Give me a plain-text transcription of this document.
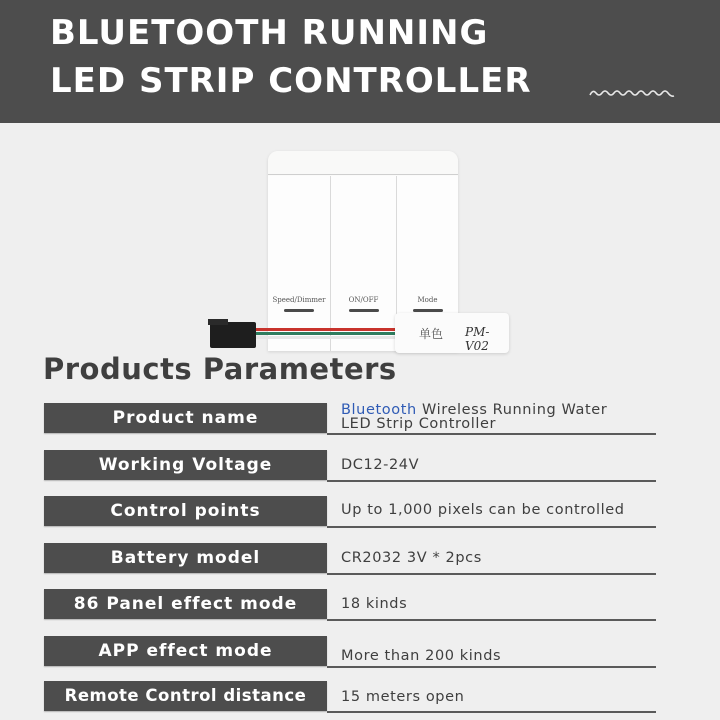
BLUETOOTH RUNNING
LED STRIP CONTROLLER
Speed/Dimmer	ON/OFF	Mode
单色 PM-V02
Products Parameters
Product name	Bluetooth Wireless Running Water
LED Strip Controller
Working Voltage	DC12-24V
Control points	Up to 1,000 pixels can be controlled
Battery model	CR2032 3V * 2pcs
86 Panel effect mode	18 kinds
APP effect mode	More than 200 kinds
Remote Control distance	15 meters open
